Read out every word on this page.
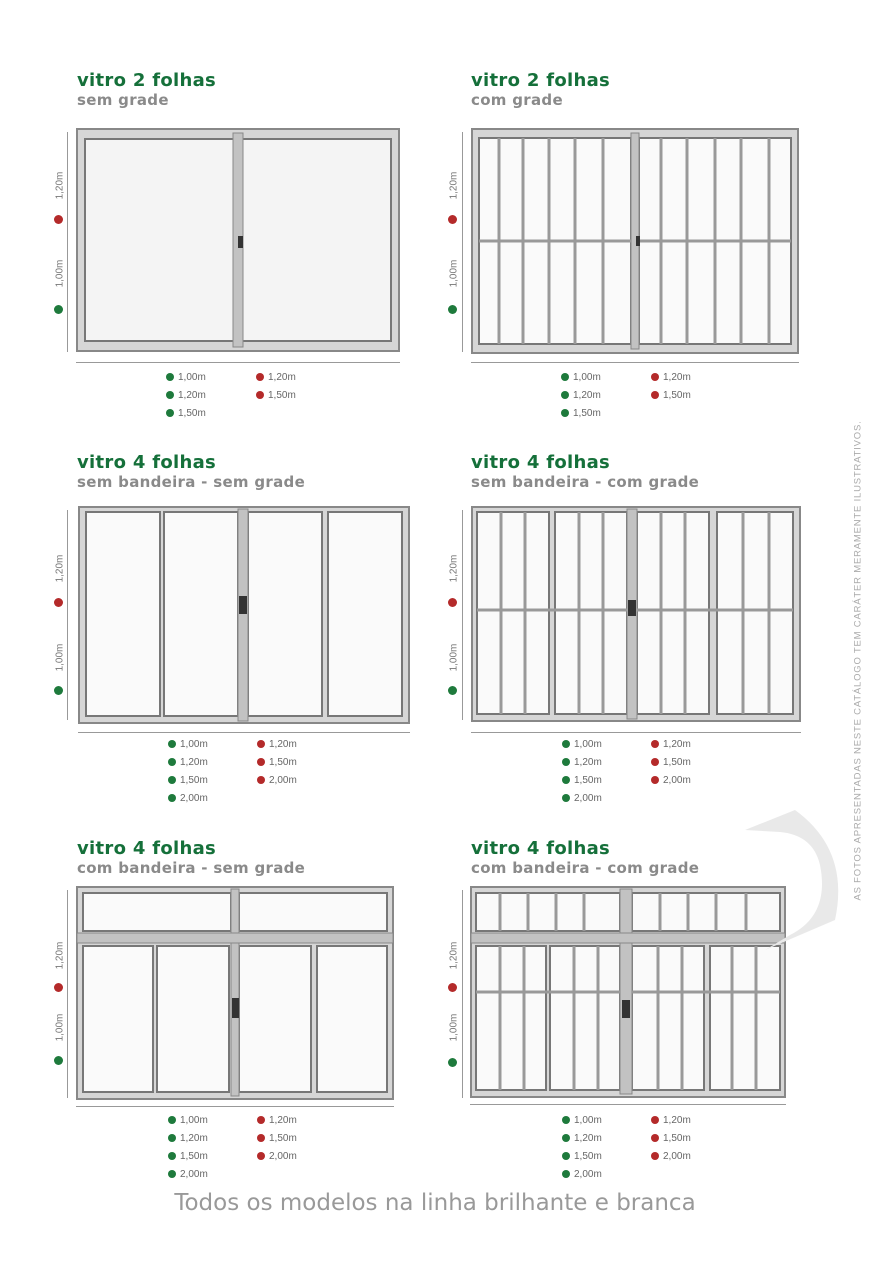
vitro 2 folhas
sem grade
1,20m
1,00m
1,00m
1,20m
1,50m
1,20m
1,50m
vitro 2 folhas
com grade
1,20m
1,00m
1,00m
1,20m
1,50m
1,20m
1,50m
vitro 4 folhas
sem bandeira - sem grade
1,20m
1,00m
1,00m
1,20m
1,50m
2,00m
1,20m
1,50m
2,00m
vitro 4 folhas
sem bandeira - com grade
1,20m
1,00m
1,00m
1,20m
1,50m
2,00m
1,20m
1,50m
2,00m
vitro 4 folhas
com bandeira - sem grade
1,20m
1,00m
1,00m
1,20m
1,50m
2,00m
1,20m
1,50m
2,00m
vitro 4 folhas
com bandeira - com grade
1,20m
1,00m
1,00m
1,20m
1,50m
2,00m
1,20m
1,50m
2,00m
AS FOTOS APRESENTADAS NESTE CATÁLOGO TEM CARÁTER MERAMENTE ILUSTRATIVOS.
Todos os modelos na linha brilhante e branca
